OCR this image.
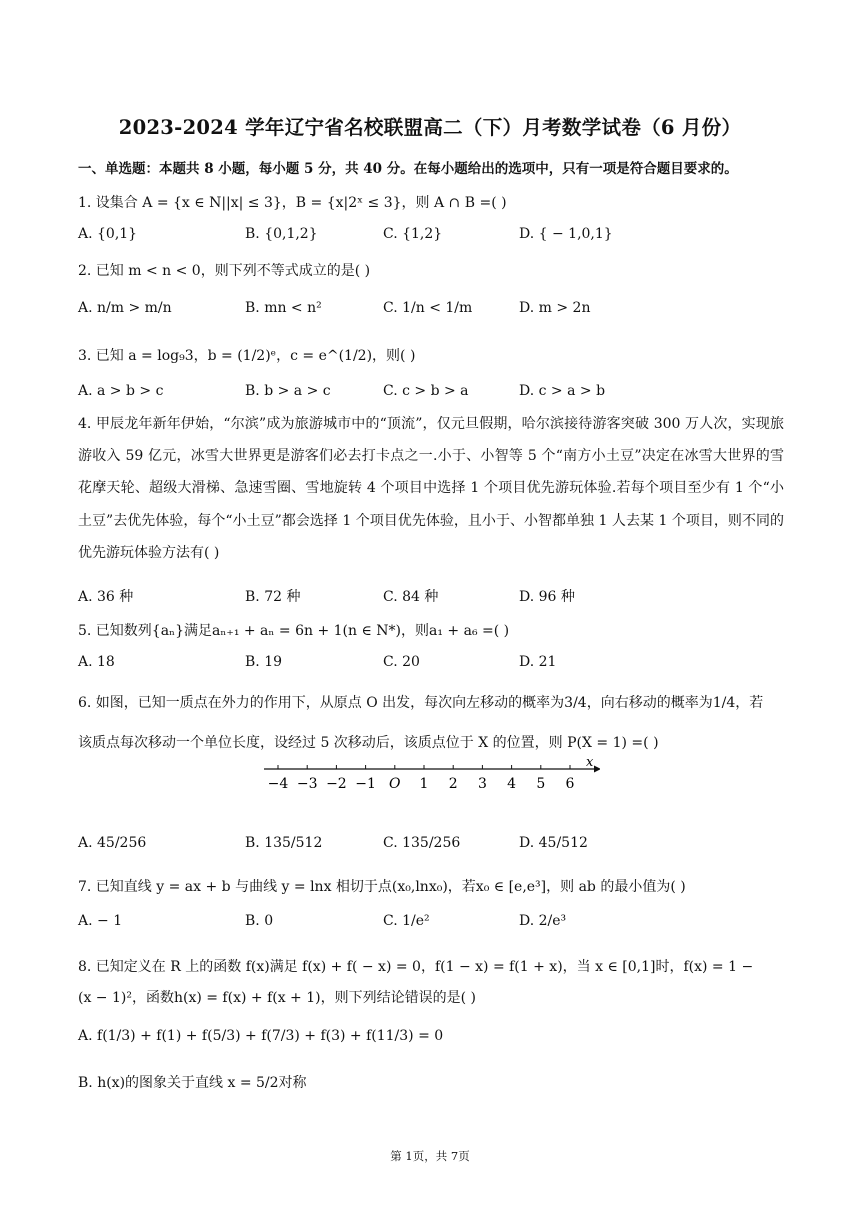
2023-2024 学年辽宁省名校联盟高二（下）月考数学试卷（6 月份）
一、单选题：本题共 8 小题，每小题 5 分，共 40 分。在每小题给出的选项中，只有一项是符合题目要求的。
1. 设集合 A = {x ∈ N||x| ≤ 3}，B = {x|2ˣ ≤ 3}，则 A ∩ B =( )
A. {0,1}	B. {0,1,2}	C. {1,2}	D. { − 1,0,1}
2. 已知 m < n < 0，则下列不等式成立的是( )
A. n/m > m/n	B. mn < n²	C. 1/n < 1/m	D. m > 2n
3. 已知 a = log₉3，b = (1/2)ᵉ，c = e^(1/2)，则( )
A. a > b > c	B. b > a > c	C. c > b > a	D. c > a > b
4. 甲辰龙年新年伊始，“尔滨”成为旅游城市中的“顶流”，仅元旦假期，哈尔滨接待游客突破 300 万人次，实现旅游收入 59 亿元，冰雪大世界更是游客们必去打卡点之一.小于、小智等 5 个“南方小土豆”决定在冰雪大世界的雪花摩天轮、超级大滑梯、急速雪圈、雪地旋转 4 个项目中选择 1 个项目优先游玩体验.若每个项目至少有 1 个“小土豆”去优先体验，每个“小土豆”都会选择 1 个项目优先体验，且小于、小智都单独 1 人去某 1 个项目，则不同的优先游玩体验方法有( )
A. 36 种	B. 72 种	C. 84 种	D. 96 种
5. 已知数列{aₙ}满足aₙ₊₁ + aₙ = 6n + 1(n ∈ N*)，则a₁ + a₆ =( )
A. 18	B. 19	C. 20	D. 21
6. 如图，已知一质点在外力的作用下，从原点 O 出发，每次向左移动的概率为3/4，向右移动的概率为1/4，若
该质点每次移动一个单位长度，设经过 5 次移动后，该质点位于 X 的位置，则 P(X = 1) =( )
−4 −3 −2 −1 O 1 2 3 4 5 6
x
A. 45/256	B. 135/512	C. 135/256	D. 45/512
7. 已知直线 y = ax + b 与曲线 y = lnx 相切于点(x₀,lnx₀)，若x₀ ∈ [e,e³]，则 ab 的最小值为( )
A. − 1	B. 0	C. 1/e²	D. 2/e³
8. 已知定义在 R 上的函数 f(x)满足 f(x) + f( − x) = 0，f(1 − x) = f(1 + x)，当 x ∈ [0,1]时，f(x) = 1 −
(x − 1)²，函数h(x) = f(x) + f(x + 1)，则下列结论错误的是( )
A. f(1/3) + f(1) + f(5/3) + f(7/3) + f(3) + f(11/3) = 0
B. h(x)的图象关于直线 x = 5/2对称
第 1页，共 7页
